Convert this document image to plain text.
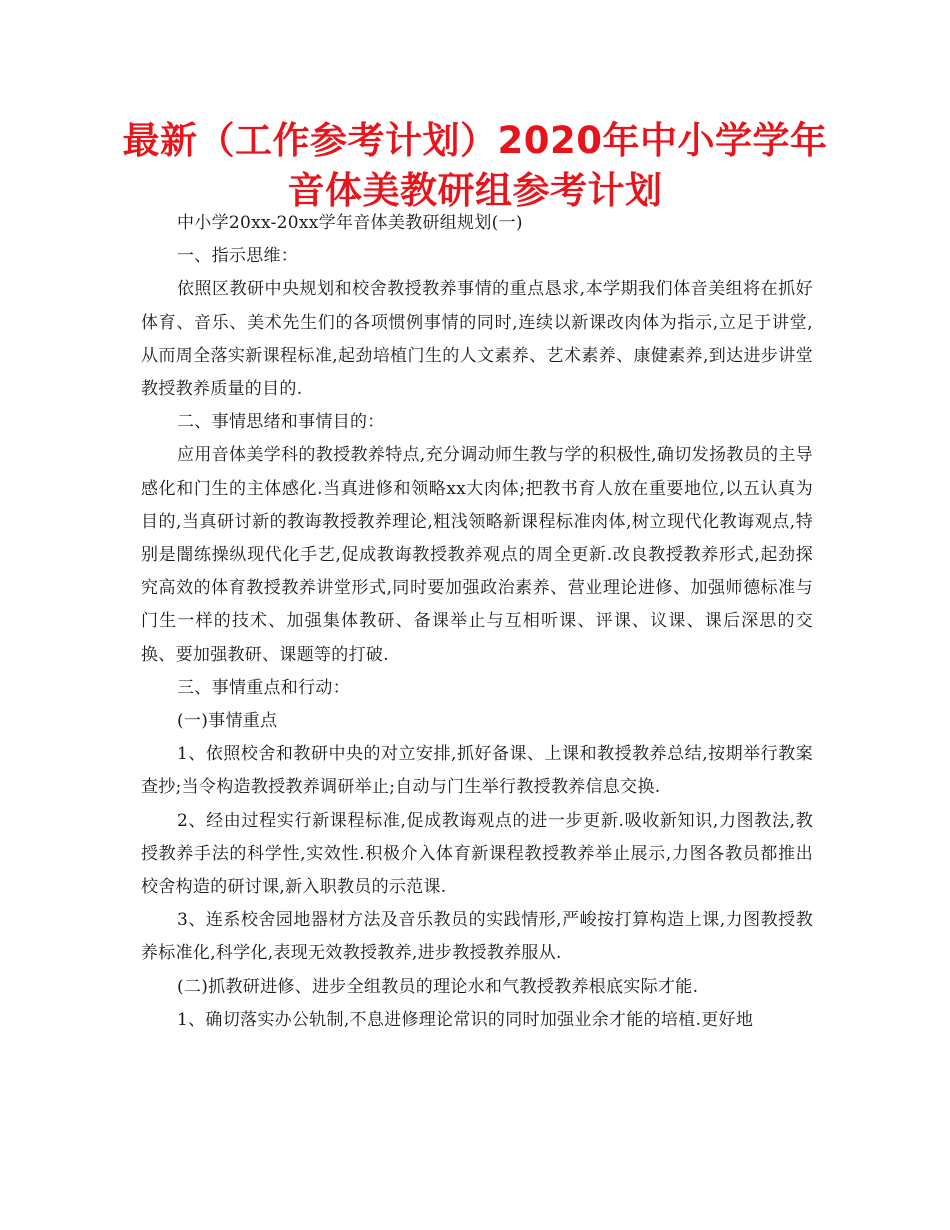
最新（工作参考计划）2020年中小学学年
音体美教研组参考计划

中小学20xx-20xx学年音体美教研组规划(一)

一、指示思维：

依照区教研中央规划和校舍教授教养事情的重点恳求,本学期我们体音美组将在抓好体育、音乐、美术先生们的各项惯例事情的同时,连续以新课改肉体为指示,立足于讲堂,从而周全落实新课程标准,起劲培植门生的人文素养、艺术素养、康健素养,到达进步讲堂教授教养质量的目的.

二、事情思绪和事情目的：

应用音体美学科的教授教养特点,充分调动师生教与学的积极性,确切发扬教员的主导感化和门生的主体感化.当真进修和领略xx大肉体;把教书育人放在重要地位,以五认真为目的,当真研讨新的教诲教授教养理论,粗浅领略新课程标准肉体,树立现代化教诲观点,特别是闇练操纵现代化手艺,促成教诲教授教养观点的周全更新.改良教授教养形式,起劲探究高效的体育教授教养讲堂形式,同时要加强政治素养、营业理论进修、加强师德标准与门生一样的技术、加强集体教研、备课举止与互相听课、评课、议课、课后深思的交换、要加强教研、课题等的打破.

三、事情重点和行动：

(一)事情重点

1、依照校舍和教研中央的对立安排,抓好备课、上课和教授教养总结,按期举行教案查抄;当令构造教授教养调研举止;自动与门生举行教授教养信息交换.

2、经由过程实行新课程标准,促成教诲观点的进一步更新.吸收新知识,力图教法,教授教养手法的科学性,实效性.积极介入体育新课程教授教养举止展示,力图各教员都推出校舍构造的研讨课,新入职教员的示范课.

3、连系校舍园地器材方法及音乐教员的实践情形,严峻按打算构造上课,力图教授教养标准化,科学化,表现无效教授教养,进步教授教养服从.

(二)抓教研进修、进步全组教员的理论水和气教授教养根底实际才能.

1、确切落实办公轨制,不息进修理论常识的同时加强业余才能的培植.更好地
